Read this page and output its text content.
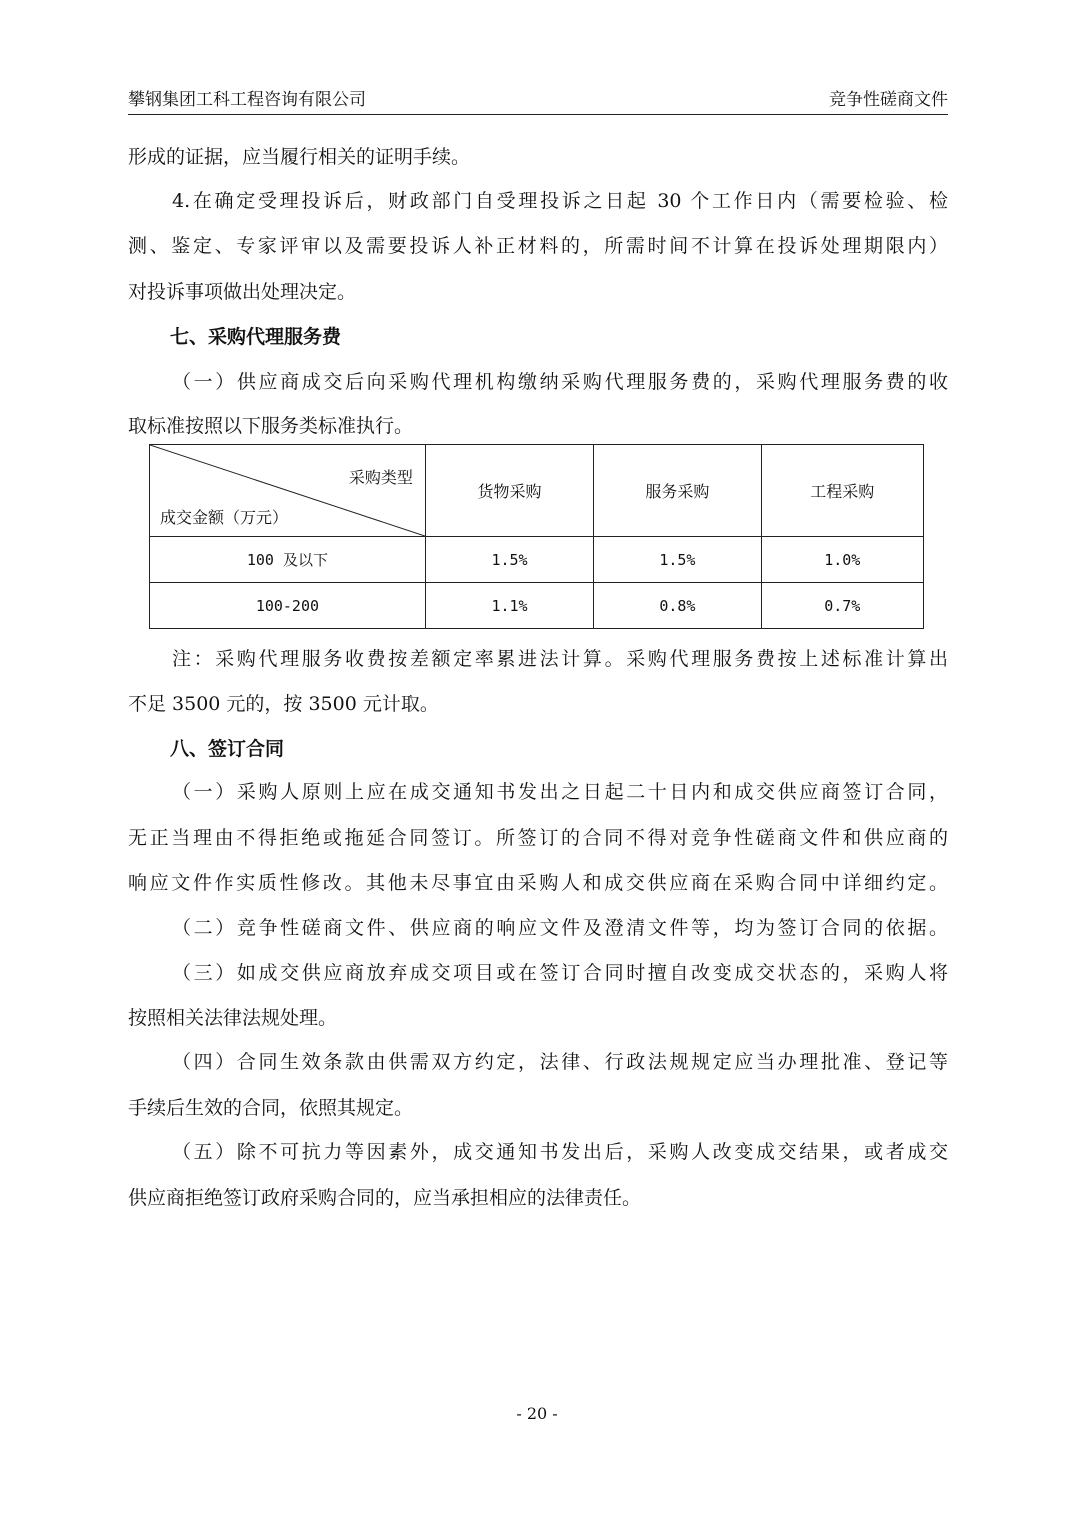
攀钢集团工科工程咨询有限公司	竞争性磋商文件
形成的证据，应当履行相关的证明手续。
4.在确定受理投诉后，财政部门自受理投诉之日起 30 个工作日内（需要检验、检
测、鉴定、专家评审以及需要投诉人补正材料的，所需时间不计算在投诉处理期限内）
对投诉事项做出处理决定。
七、采购代理服务费
（一）供应商成交后向采购代理机构缴纳采购代理服务费的，采购代理服务费的收
取标准按照以下服务类标准执行。
采购类型
成交金额（万元）	货物采购	服务采购	工程采购
100 及以下	1.5%	1.5%	1.0%
100-200	1.1%	0.8%	0.7%
注：采购代理服务收费按差额定率累进法计算。采购代理服务费按上述标准计算出
不足 3500 元的，按 3500 元计取。
八、签订合同
（一）采购人原则上应在成交通知书发出之日起二十日内和成交供应商签订合同，
无正当理由不得拒绝或拖延合同签订。所签订的合同不得对竞争性磋商文件和供应商的
响应文件作实质性修改。其他未尽事宜由采购人和成交供应商在采购合同中详细约定。
（二）竞争性磋商文件、供应商的响应文件及澄清文件等，均为签订合同的依据。
（三）如成交供应商放弃成交项目或在签订合同时擅自改变成交状态的，采购人将
按照相关法律法规处理。
（四）合同生效条款由供需双方约定，法律、行政法规规定应当办理批准、登记等
手续后生效的合同，依照其规定。
（五）除不可抗力等因素外，成交通知书发出后，采购人改变成交结果，或者成交
供应商拒绝签订政府采购合同的，应当承担相应的法律责任。
- 20 -
